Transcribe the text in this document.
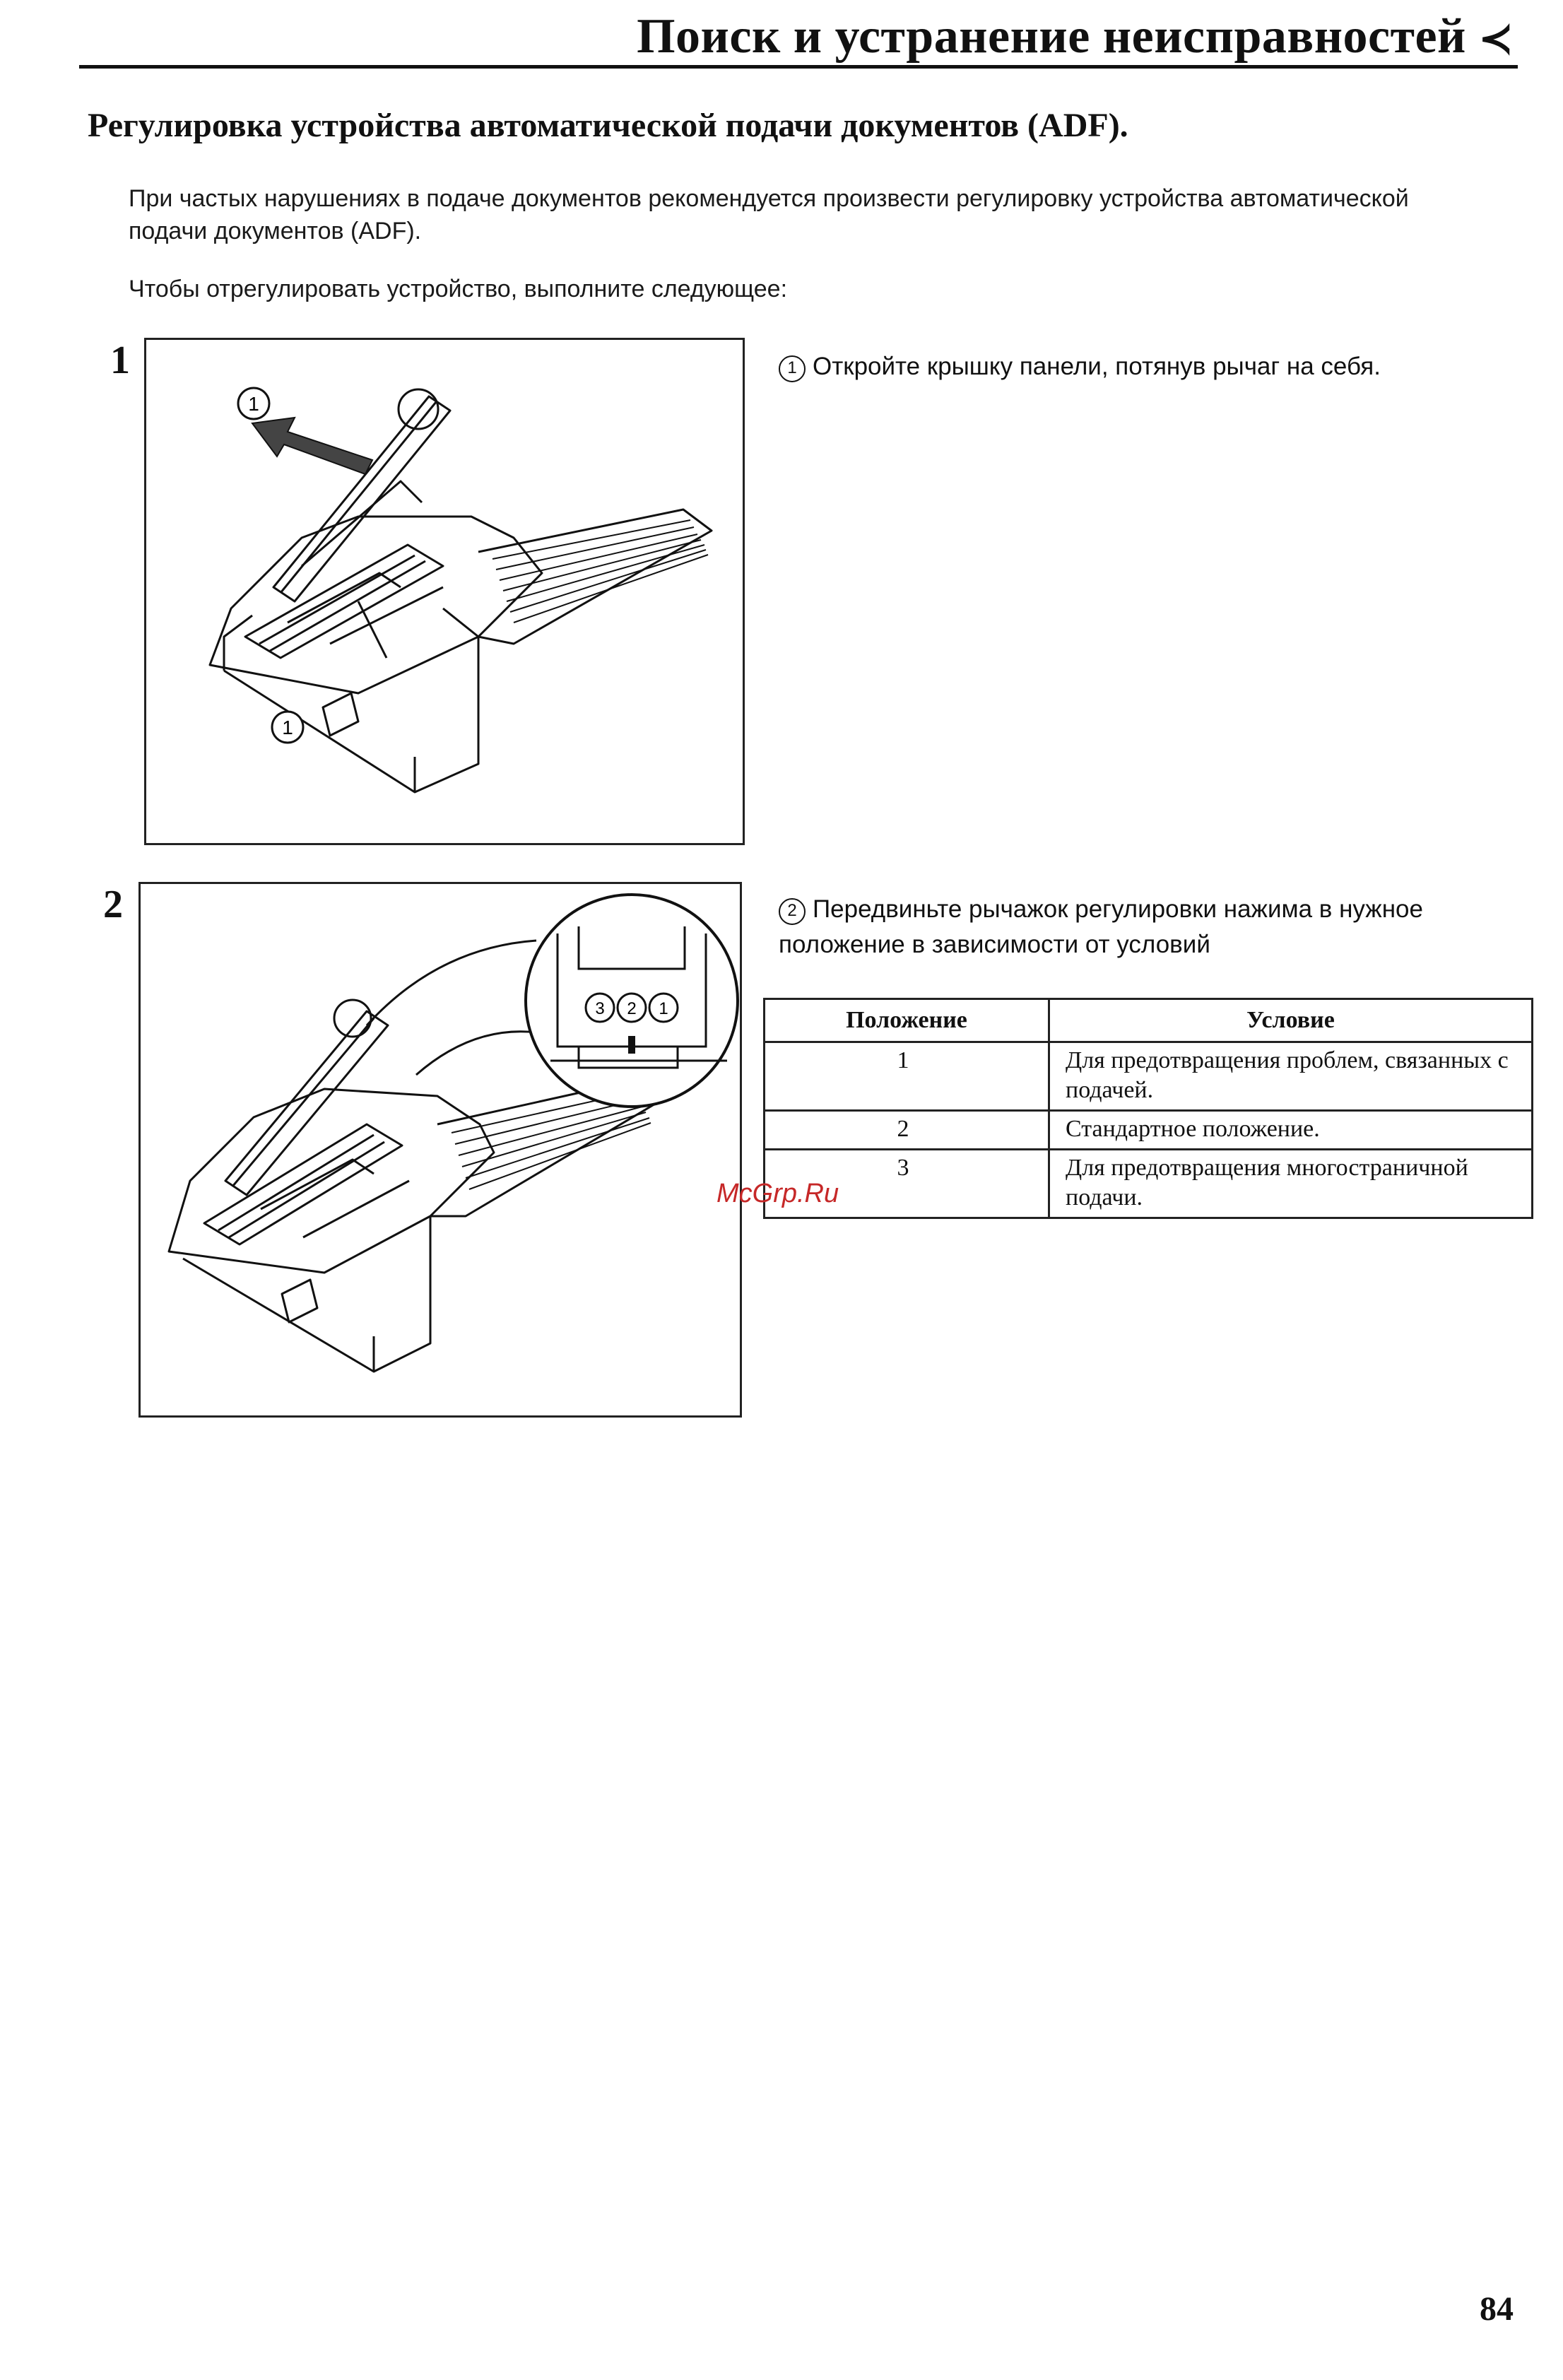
Поиск и устранение неисправностей ≺
Регулировка устройства автоматической подачи документов (ADF).
При частых нарушениях в подаче документов рекомендуется произвести регулировку устройства автоматической подачи документов (ADF).
Чтобы отрегулировать устройство, выполните следующее:
1
1
1
1 Откройте крышку панели, потянув рычаг на себя.
2
3 2 1
2 Передвиньте рычажок регулировки нажима в нужное положение в зависимости от условий
Положение	Условие
1	Для предотвращения проблем, связанных с подачей.
2	Стандартное положение.
3	Для предотвращения многостраничной подачи.
McGrp.Ru
84
